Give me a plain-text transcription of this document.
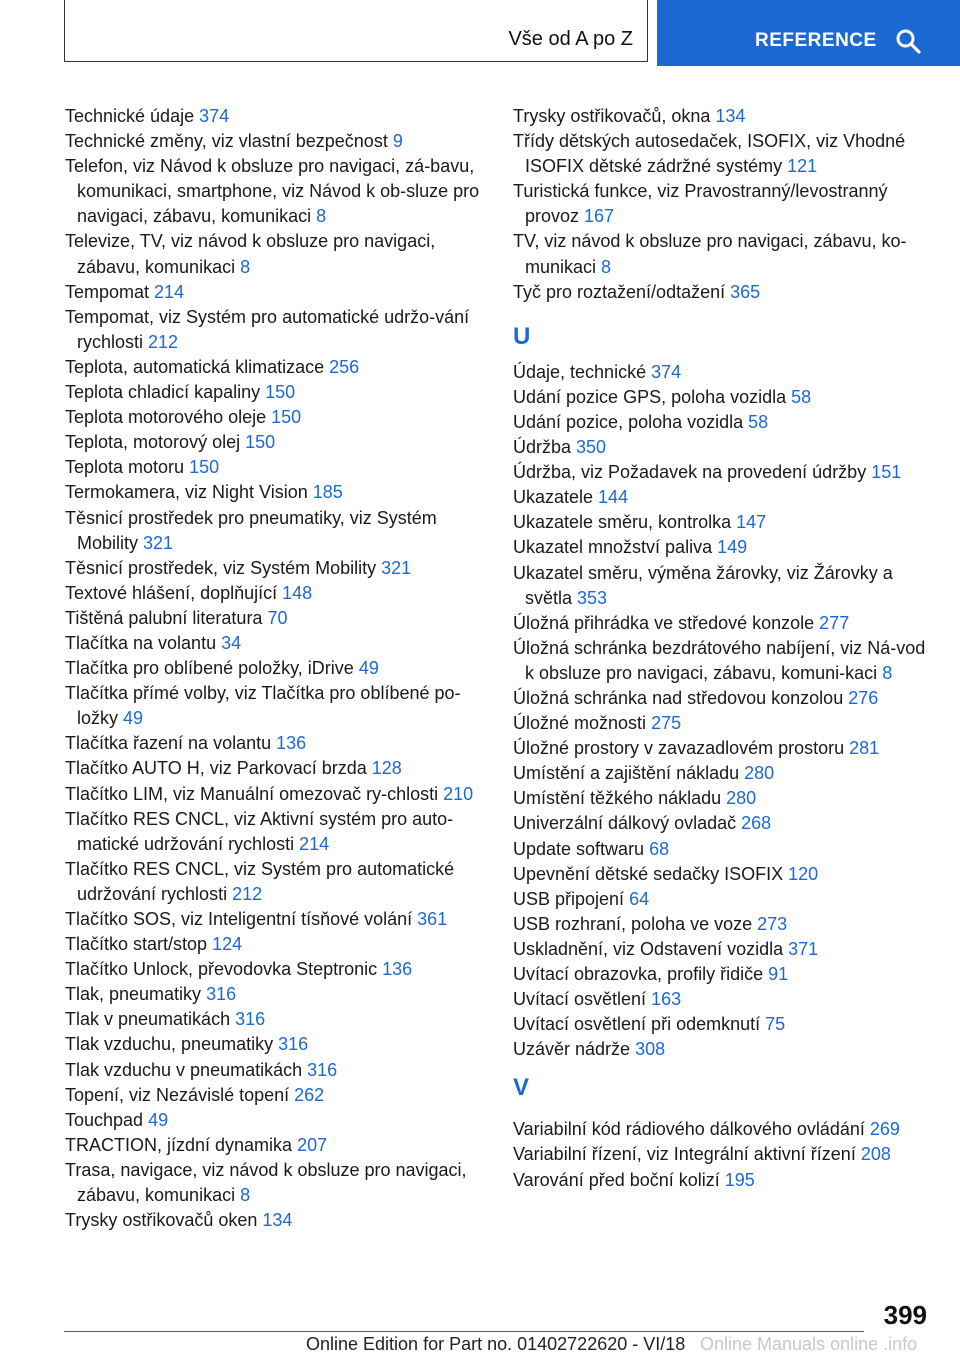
Vše od A po Z	REFERENCE
Technické údaje 374
Technické změny, viz vlastní bezpečnost 9
Telefon, viz Návod k obsluze pro navigaci, zá-bavu, komunikaci, smartphone, viz Návod k ob-sluze pro navigaci, zábavu, komunikaci 8
Televize, TV, viz návod k obsluze pro navigaci, zábavu, komunikaci 8
Tempomat 214
Tempomat, viz Systém pro automatické udržo-vání rychlosti 212
Teplota, automatická klimatizace 256
Teplota chladicí kapaliny 150
Teplota motorového oleje 150
Teplota, motorový olej 150
Teplota motoru 150
Termokamera, viz Night Vision 185
Těsnicí prostředek pro pneumatiky, viz Systém Mobility 321
Těsnicí prostředek, viz Systém Mobility 321
Textové hlášení, doplňující 148
Tištěná palubní literatura 70
Tlačítka na volantu 34
Tlačítka pro oblíbené položky, iDrive 49
Tlačítka přímé volby, viz Tlačítka pro oblíbené po-ložky 49
Tlačítka řazení na volantu 136
Tlačítko AUTO H, viz Parkovací brzda 128
Tlačítko LIM, viz Manuální omezovač ry-chlosti 210
Tlačítko RES CNCL, viz Aktivní systém pro auto-matické udržování rychlosti 214
Tlačítko RES CNCL, viz Systém pro automatické udržování rychlosti 212
Tlačítko SOS, viz Inteligentní tísňové volání 361
Tlačítko start/stop 124
Tlačítko Unlock, převodovka Steptronic 136
Tlak, pneumatiky 316
Tlak v pneumatikách 316
Tlak vzduchu, pneumatiky 316
Tlak vzduchu v pneumatikách 316
Topení, viz Nezávislé topení 262
Touchpad 49
TRACTION, jízdní dynamika 207
Trasa, navigace, viz návod k obsluze pro navigaci, zábavu, komunikaci 8
Trysky ostřikovačů oken 134
Trysky ostřikovačů, okna 134
Třídy dětských autosedaček, ISOFIX, viz Vhodné ISOFIX dětské zádržné systémy 121
Turistická funkce, viz Pravostranný/levostranný provoz 167
TV, viz návod k obsluze pro navigaci, zábavu, ko-munikaci 8
Tyč pro roztažení/odtažení 365
U
Údaje, technické 374
Udání pozice GPS, poloha vozidla 58
Udání pozice, poloha vozidla 58
Údržba 350
Údržba, viz Požadavek na provedení údržby 151
Ukazatele 144
Ukazatele směru, kontrolka 147
Ukazatel množství paliva 149
Ukazatel směru, výměna žárovky, viz Žárovky a světla 353
Úložná přihrádka ve středové konzole 277
Úložná schránka bezdrátového nabíjení, viz Ná-vod k obsluze pro navigaci, zábavu, komuni-kaci 8
Úložná schránka nad středovou konzolou 276
Úložné možnosti 275
Úložné prostory v zavazadlovém prostoru 281
Umístění a zajištění nákladu 280
Umístění těžkého nákladu 280
Univerzální dálkový ovladač 268
Update softwaru 68
Upevnění dětské sedačky ISOFIX 120
USB připojení 64
USB rozhraní, poloha ve voze 273
Uskladnění, viz Odstavení vozidla 371
Uvítací obrazovka, profily řidiče 91
Uvítací osvětlení 163
Uvítací osvětlení při odemknutí 75
Uzávěr nádrže 308
V
Variabilní kód rádiového dálkového ovládání 269
Variabilní řízení, viz Integrální aktivní řízení 208
Varování před boční kolizí 195
399
Online Edition for Part no. 01402722620 - VI/18 Online Manuals online .info
